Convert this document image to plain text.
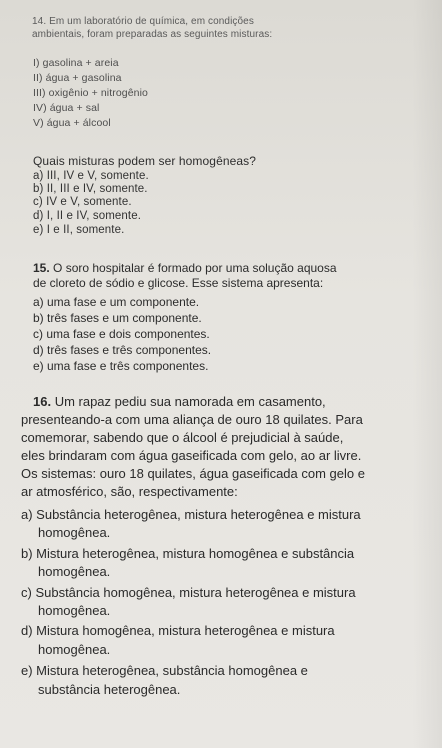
14. Em um laboratório de química, em condições
ambientais, foram preparadas as seguintes misturas:
I) gasolina + areia
II) água + gasolina
III) oxigênio + nitrogênio
IV) água + sal
V) água + álcool
Quais misturas podem ser homogêneas?
a) III, IV e V, somente.
b) II, III e IV, somente.
c) IV e V, somente.
d) I, II e IV, somente.
e) I e II, somente.
15. O soro hospitalar é formado por uma solução aquosa
de cloreto de sódio e glicose. Esse sistema apresenta:
a) uma fase e um componente.
b) três fases e um componente.
c) uma fase e dois componentes.
d) três fases e três componentes.
e) uma fase e três componentes.
16. Um rapaz pediu sua namorada em casamento,
presenteando-a com uma aliança de ouro 18 quilates. Para
comemorar, sabendo que o álcool é prejudicial à saúde,
eles brindaram com água gaseificada com gelo, ao ar livre.
Os sistemas: ouro 18 quilates, água gaseificada com gelo e
ar atmosférico, são, respectivamente:
a) Substância heterogênea, mistura heterogênea e mistura
homogênea.
b) Mistura heterogênea, mistura homogênea e substância
homogênea.
c) Substância homogênea, mistura heterogênea e mistura
homogênea.
d) Mistura homogênea, mistura heterogênea e mistura
homogênea.
e) Mistura heterogênea, substância homogênea e
substância heterogênea.
